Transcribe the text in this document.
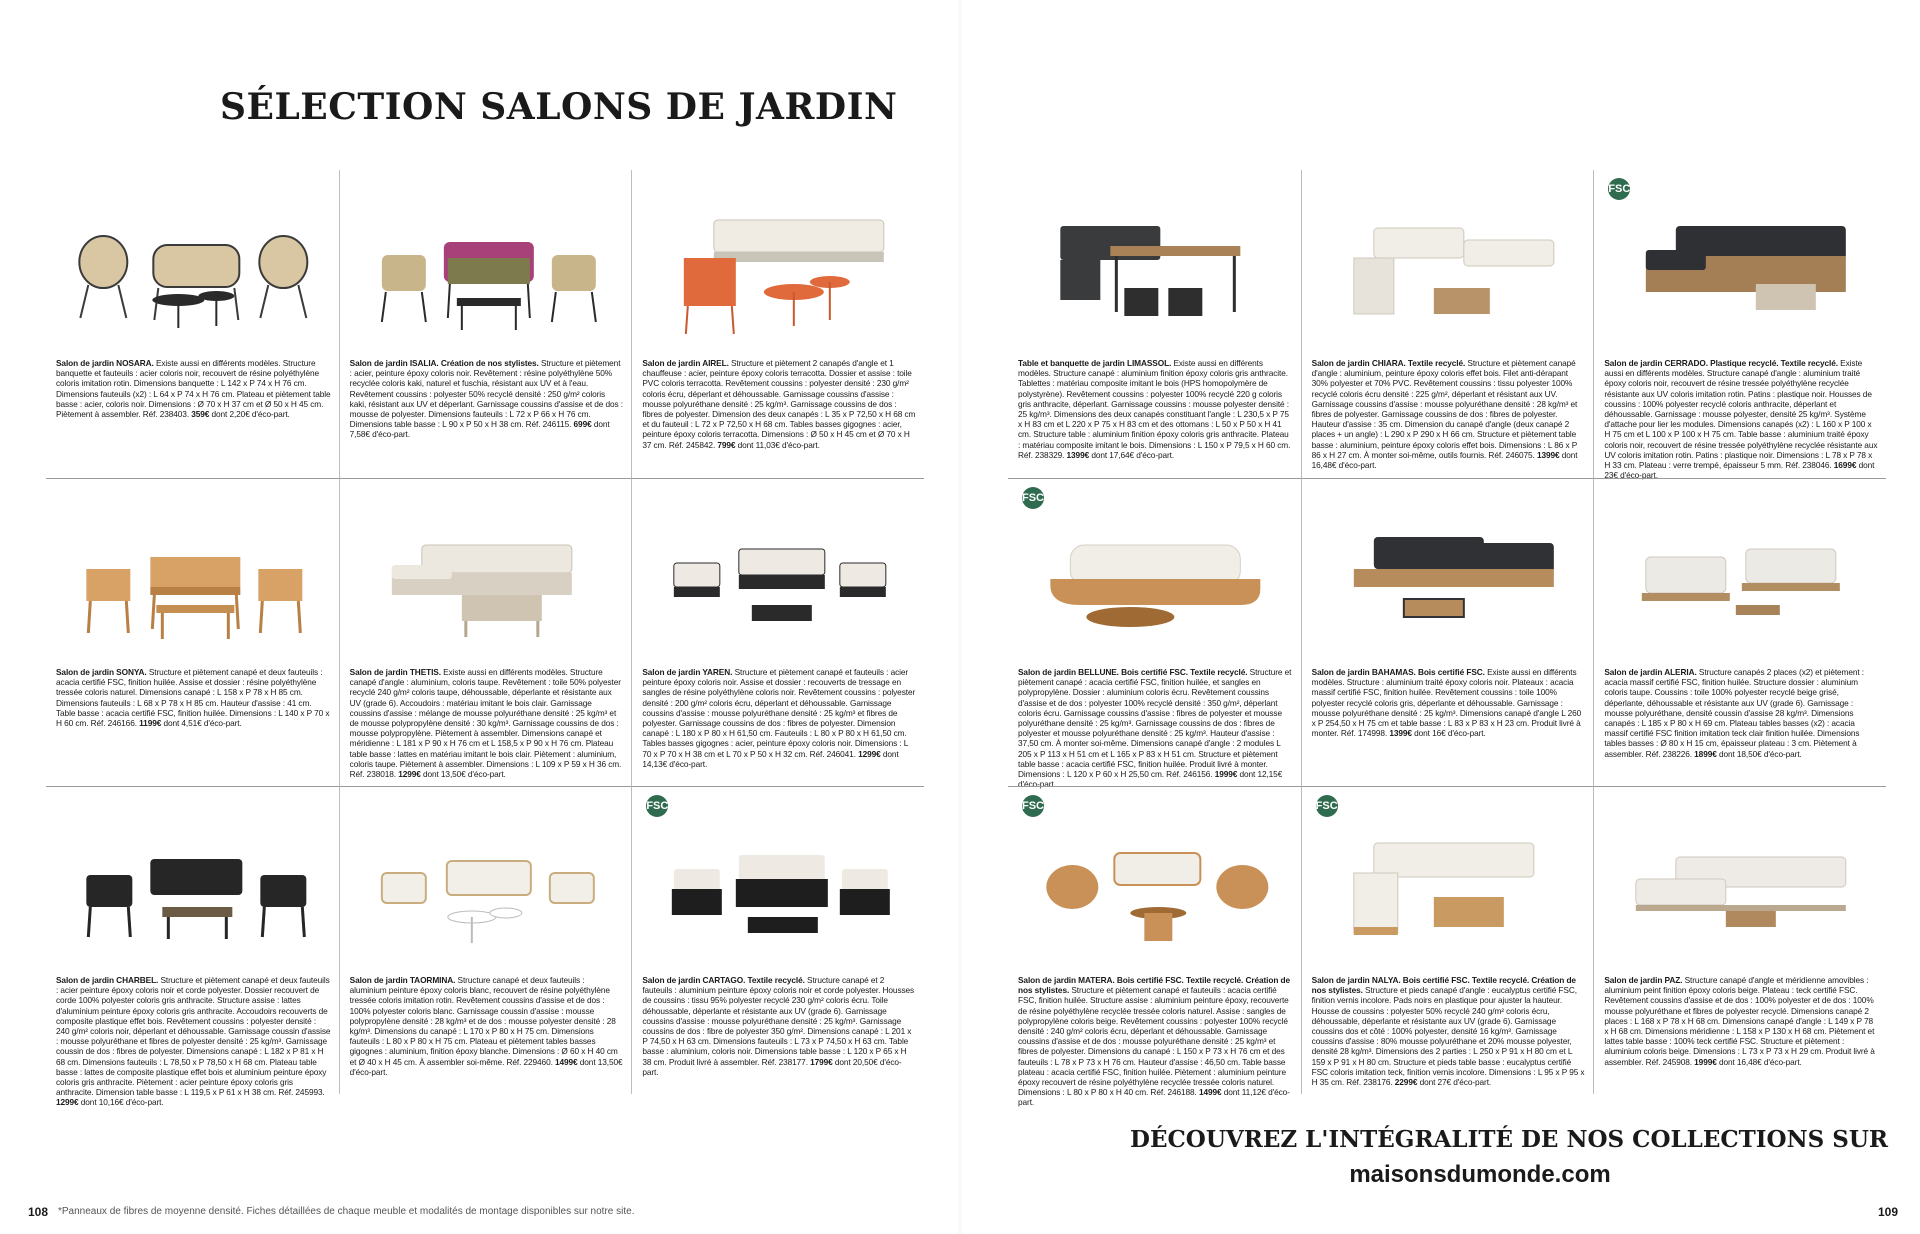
SÉLECTION SALONS DE JARDIN
Salon de jardin NOSARA. Existe aussi en différents modèles. Structure banquette et fauteuils : acier coloris noir, recouvert de résine polyéthylène coloris imitation rotin. Dimensions banquette : L 142 x P 74 x H 76 cm. Dimensions fauteuils (x2) : L 64 x P 74 x H 76 cm. Plateau et piètement table basse : acier, coloris noir. Dimensions : Ø 70 x H 37 cm et Ø 50 x H 45 cm. Piètement à assembler. Réf. 238403. 359€ dont 2,20€ d'éco-part.
Salon de jardin ISALIA. Création de nos stylistes. Structure et piètement : acier, peinture époxy coloris noir. Revêtement : résine polyéthylène 50% recyclée coloris kaki, naturel et fuschia, résistant aux UV et à l'eau. Revêtement coussins : polyester 50% recyclé densité : 250 g/m² coloris kaki, résistant aux UV et déperlant. Garnissage coussins d'assise et de dos : mousse de polyester. Dimensions fauteuils : L 72 x P 66 x H 76 cm. Dimensions table basse : L 90 x P 50 x H 38 cm. Réf. 246115. 699€ dont 7,58€ d'éco-part.
Salon de jardin AIREL. Structure et piètement 2 canapés d'angle et 1 chauffeuse : acier, peinture époxy coloris terracotta. Dossier et assise : toile PVC coloris terracotta. Revêtement coussins : polyester densité : 230 g/m² coloris écru, déperlant et déhoussable. Garnissage coussins d'assise : mousse polyuréthane densité : 25 kg/m³. Garnissage coussins de dos : fibres de polyester. Dimension des deux canapés : L 35 x P 72,50 x H 68 cm et du fauteuil : L 72 x P 72,50 x H 68 cm. Tables basses gigognes : acier, peinture époxy coloris terracotta. Dimensions : Ø 50 x H 45 cm et Ø 70 x H 37 cm. Réf. 245842. 799€ dont 11,03€ d'éco-part.
Salon de jardin SONYA. Structure et piètement canapé et deux fauteuils : acacia certifié FSC, finition huilée. Assise et dossier : résine polyéthylène tressée coloris naturel. Dimensions canapé : L 158 x P 78 x H 85 cm. Dimensions fauteuils : L 68 x P 78 x H 85 cm. Hauteur d'assise : 41 cm. Table basse : acacia certifié FSC, finition huilée. Dimensions : L 140 x P 70 x H 60 cm. Réf. 246166. 1199€ dont 4,51€ d'éco-part.
Salon de jardin THETIS. Existe aussi en différents modèles. Structure canapé d'angle : aluminium, coloris taupe. Revêtement : toile 50% polyester recyclé 240 g/m² coloris taupe, déhoussable, déperlante et résistante aux UV (grade 6). Accoudoirs : matériau imitant le bois clair. Garnissage coussins d'assise : mélange de mousse polyuréthane densité : 25 kg/m³ et de mousse polypropylène densité : 30 kg/m³. Garnissage coussins de dos : mousse polypropylène. Piètement à assembler. Dimensions canapé et méridienne : L 181 x P 90 x H 76 cm et L 158,5 x P 90 x H 76 cm. Plateau table basse : lattes en matériau imitant le bois clair. Piètement : aluminium, coloris taupe. Piètement à assembler. Dimensions : L 109 x P 59 x H 36 cm. Réf. 238018. 1299€ dont 13,50€ d'éco-part.
Salon de jardin YAREN. Structure et piètement canapé et fauteuils : acier peinture époxy coloris noir. Assise et dossier : recouverts de tressage en sangles de résine polyéthylène coloris noir. Revêtement coussins : polyester densité : 200 g/m² coloris écru, déperlant et déhoussable. Garnissage coussins d'assise : mousse polyuréthane densité : 25 kg/m³ et fibres de polyester. Garnissage coussins de dos : fibres de polyester. Dimension canapé : L 180 x P 80 x H 61,50 cm. Fauteuils : L 80 x P 80 x H 61,50 cm. Tables basses gigognes : acier, peinture époxy coloris noir. Dimensions : L 70 x P 70 x H 38 cm et L 70 x P 50 x H 32 cm. Réf. 246041. 1299€ dont 14,13€ d'éco-part.
Salon de jardin CHARBEL. Structure et piètement canapé et deux fauteuils : acier peinture époxy coloris noir et corde polyester. Dossier recouvert de corde 100% polyester coloris gris anthracite. Structure assise : lattes d'aluminium peinture époxy coloris gris anthracite. Accoudoirs recouverts de composite plastique effet bois. Revêtement coussins : polyester densité : 240 g/m² coloris noir, déperlant et déhoussable. Garnissage coussin d'assise : mousse polyuréthane et fibres de polyester densité : 25 kg/m³. Garnissage coussin de dos : fibres de polyester. Dimensions canapé : L 182 x P 81 x H 68 cm. Dimensions fauteuils : L 78,50 x P 78,50 x H 68 cm. Plateau table basse : lattes de composite plastique effet bois et aluminium peinture époxy coloris gris anthracite. Piètement : acier peinture époxy coloris gris anthracite. Dimension table basse : L 119,5 x P 61 x H 38 cm. Réf. 245993. 1299€ dont 10,16€ d'éco-part.
Salon de jardin TAORMINA. Structure canapé et deux fauteuils : aluminium peinture époxy coloris blanc, recouvert de résine polyéthylène tressée coloris imitation rotin. Revêtement coussins d'assise et de dos : 100% polyester coloris blanc. Garnissage coussin d'assise : mousse polypropylène densité : 28 kg/m³ et de dos : mousse polyester densité : 28 kg/m³. Dimensions du canapé : L 170 x P 80 x H 75 cm. Dimensions fauteuils : L 80 x P 80 x H 75 cm. Plateau et piètement tables basses gigognes : aluminium, finition époxy blanche. Dimensions : Ø 60 x H 40 cm et Ø 40 x H 45 cm. À assembler soi-même. Réf. 229460. 1499€ dont 13,50€ d'éco-part.
FSC
Salon de jardin CARTAGO. Textile recyclé. Structure canapé et 2 fauteuils : aluminium peinture époxy coloris noir et corde polyester. Housses de coussins : tissu 95% polyester recyclé 230 g/m² coloris écru. Toile déhoussable, déperlante et résistante aux UV (grade 6). Garnissage coussins d'assise : mousse polyuréthane densité : 25 kg/m³. Garnissage coussins de dos : fibre de polyester 350 g/m². Dimensions canapé : L 201 x P 74,50 x H 63 cm. Dimensions fauteuils : L 73 x P 74,50 x H 63 cm. Table basse : aluminium, coloris noir. Dimensions table basse : L 120 x P 65 x H 38 cm. Produit livré à assembler. Réf. 238177. 1799€ dont 20,50€ d'éco-part.
Table et banquette de jardin LIMASSOL. Existe aussi en différents modèles. Structure canapé : aluminium finition époxy coloris gris anthracite. Tablettes : matériau composite imitant le bois (HPS homopolymère de polystyrène). Revêtement coussins : polyester 100% recyclé 220 g coloris gris anthracite, déperlant. Garnissage coussins : mousse polyester densité : 25 kg/m³. Dimensions des deux canapés constituant l'angle : L 230,5 x P 75 x H 83 cm et L 220 x P 75 x H 83 cm et des ottomans : L 50 x P 50 x H 41 cm. Structure table : aluminium finition époxy coloris gris anthracite. Plateau : matériau composite imitant le bois. Dimensions : L 150 x P 79,5 x H 60 cm. Réf. 238329. 1399€ dont 17,64€ d'éco-part.
Salon de jardin CHIARA. Textile recyclé. Structure et piètement canapé d'angle : aluminium, peinture époxy coloris effet bois. Filet anti-dérapant 30% polyester et 70% PVC. Revêtement coussins : tissu polyester 100% recyclé coloris écru densité : 225 g/m², déperlant et résistant aux UV. Garnissage coussins d'assise : mousse polyuréthane densité : 28 kg/m³ et fibres de polyester. Garnissage coussins de dos : fibres de polyester. Hauteur d'assise : 35 cm. Dimension du canapé d'angle (deux canapé 2 places + un angle) : L 290 x P 290 x H 66 cm. Structure et piètement table basse : aluminium, peinture époxy coloris effet bois. Dimensions : L 86 x P 86 x H 27 cm. À monter soi-même, outils fournis. Réf. 246075. 1399€ dont 16,48€ d'éco-part.
FSC
Salon de jardin CERRADO. Plastique recyclé. Textile recyclé. Existe aussi en différents modèles. Structure canapé d'angle : aluminium traité époxy coloris noir, recouvert de résine tressée polyéthylène recyclée résistante aux UV coloris imitation rotin. Patins : plastique noir. Housses de coussins : 100% polyester recyclé coloris anthracite, déperlant et déhoussable. Garnissage : mousse polyester, densité 25 kg/m³. Système d'attache pour lier les modules. Dimensions canapés (x2) : L 160 x P 100 x H 75 cm et L 100 x P 100 x H 75 cm. Table basse : aluminium traité époxy coloris noir, recouvert de résine tressée polyéthylène recyclée résistante aux UV coloris imitation rotin. Patins : plastique noir. Dimensions : L 78 x P 78 x H 33 cm. Plateau : verre trempé, épaisseur 5 mm. Réf. 238046. 1699€ dont 23€ d'éco-part.
FSC
Salon de jardin BELLUNE. Bois certifié FSC. Textile recyclé. Structure et piètement canapé : acacia certifié FSC, finition huilée, et sangles en polypropylène. Dossier : aluminium coloris écru. Revêtement coussins d'assise et de dos : polyester 100% recyclé densité : 350 g/m², déperlant coloris écru. Garnissage coussins d'assise : fibres de polyester et mousse polyuréthane densité : 25 kg/m³. Garnissage coussins de dos : fibres de polyester et mousse polyuréthane densité : 25 kg/m³. Hauteur d'assise : 37,50 cm. À monter soi-même. Dimensions canapé d'angle : 2 modules L 205 x P 113 x H 51 cm et L 165 x P 83 x H 51 cm. Structure et piètement table basse : acacia certifié FSC, finition huilée. Produit livré à monter. Dimensions : L 120 x P 60 x H 25,50 cm. Réf. 246156. 1999€ dont 12,15€ d'éco-part.
Salon de jardin BAHAMAS. Bois certifié FSC. Existe aussi en différents modèles. Structure : aluminium traité époxy coloris noir. Plateaux : acacia massif certifié FSC, finition huilée. Revêtement coussins : toile 100% polyester recyclé coloris gris, déperlante et déhoussable. Garnissage : mousse polyuréthane densité : 25 kg/m³. Dimensions canapé d'angle L 260 x P 254,50 x H 75 cm et table basse : L 83 x P 83 x H 23 cm. Produit livré à monter. Réf. 174998. 1399€ dont 16€ d'éco-part.
Salon de jardin ALERIA. Structure canapés 2 places (x2) et piètement : acacia massif certifié FSC, finition huilée. Structure dossier : aluminium coloris taupe. Coussins : toile 100% polyester recyclé beige grisé, déperlante, déhoussable et résistante aux UV (grade 6). Garnissage : mousse polyuréthane, densité coussin d'assise 28 kg/m³. Dimensions canapés : L 185 x P 80 x H 69 cm. Plateau tables basses (x2) : acacia massif certifié FSC finition imitation teck clair finition huilée. Dimensions tables basses : Ø 80 x H 15 cm, épaisseur plateau : 3 cm. Piètement à assembler. Réf. 238226. 1899€ dont 18,50€ d'éco-part.
FSC
Salon de jardin MATERA. Bois certifié FSC. Textile recyclé. Création de nos stylistes. Structure et piètement canapé et fauteuils : acacia certifié FSC, finition huilée. Structure assise : aluminium peinture époxy, recouverte de résine polyéthylène recyclée tressée coloris naturel. Assise : sangles de polypropylène coloris beige. Revêtement coussins : polyester 100% recyclé densité : 240 g/m² coloris écru, déperlant et déhoussable. Garnissage coussins d'assise et de dos : mousse polyuréthane densité : 25 kg/m³ et fibres de polyester. Dimensions du canapé : L 150 x P 73 x H 76 cm et des fauteuils : L 78 x P 73 x H 76 cm. Hauteur d'assise : 46,50 cm. Table basse plateau : acacia certifié FSC, finition huilée. Piètement : aluminium peinture époxy recouvert de résine polyéthylène recyclée tressée coloris naturel. Dimensions : L 80 x P 80 x H 40 cm. Réf. 246188. 1499€ dont 11,12€ d'éco-part.
FSC
Salon de jardin NALYA. Bois certifié FSC. Textile recyclé. Création de nos stylistes. Structure et pieds canapé d'angle : eucalyptus certifié FSC, finition vernis incolore. Pads noirs en plastique pour ajuster la hauteur. Housse de coussins : polyester 50% recyclé 240 g/m² coloris écru, déhoussable, déperlante et résistante aux UV (grade 6). Garnissage coussins dos et côté : 100% polyester, densité 16 kg/m³. Garnissage coussins d'assise : 80% mousse polyuréthane et 20% mousse polyester, densité 28 kg/m³. Dimensions des 2 parties : L 250 x P 91 x H 80 cm et L 159 x P 91 x H 80 cm. Structure et pieds table basse : eucalyptus certifié FSC coloris imitation teck, finition vernis incolore. Dimensions : L 95 x P 95 x H 35 cm. Réf. 238176. 2299€ dont 27€ d'éco-part.
Salon de jardin PAZ. Structure canapé d'angle et méridienne amovibles : aluminium peint finition époxy coloris beige. Plateau : teck certifié FSC. Revêtement coussins d'assise et de dos : 100% polyester et de dos : 100% mousse polyuréthane et fibres de polyester recyclé. Dimensions canapé 2 places : L 168 x P 78 x H 68 cm. Dimensions canapé d'angle : L 149 x P 78 x H 68 cm. Dimensions méridienne : L 158 x P 130 x H 68 cm. Piètement et lattes table basse : 100% teck certifié FSC. Structure et piètement : aluminium coloris beige. Dimensions : L 73 x P 73 x H 29 cm. Produit livré à assembler. Réf. 245908. 1999€ dont 16,48€ d'éco-part.
DÉCOUVREZ L'INTÉGRALITÉ DE NOS COLLECTIONS SUR
maisonsdumonde.com
108 *Panneaux de fibres de moyenne densité. Fiches détaillées de chaque meuble et modalités de montage disponibles sur notre site.	109
